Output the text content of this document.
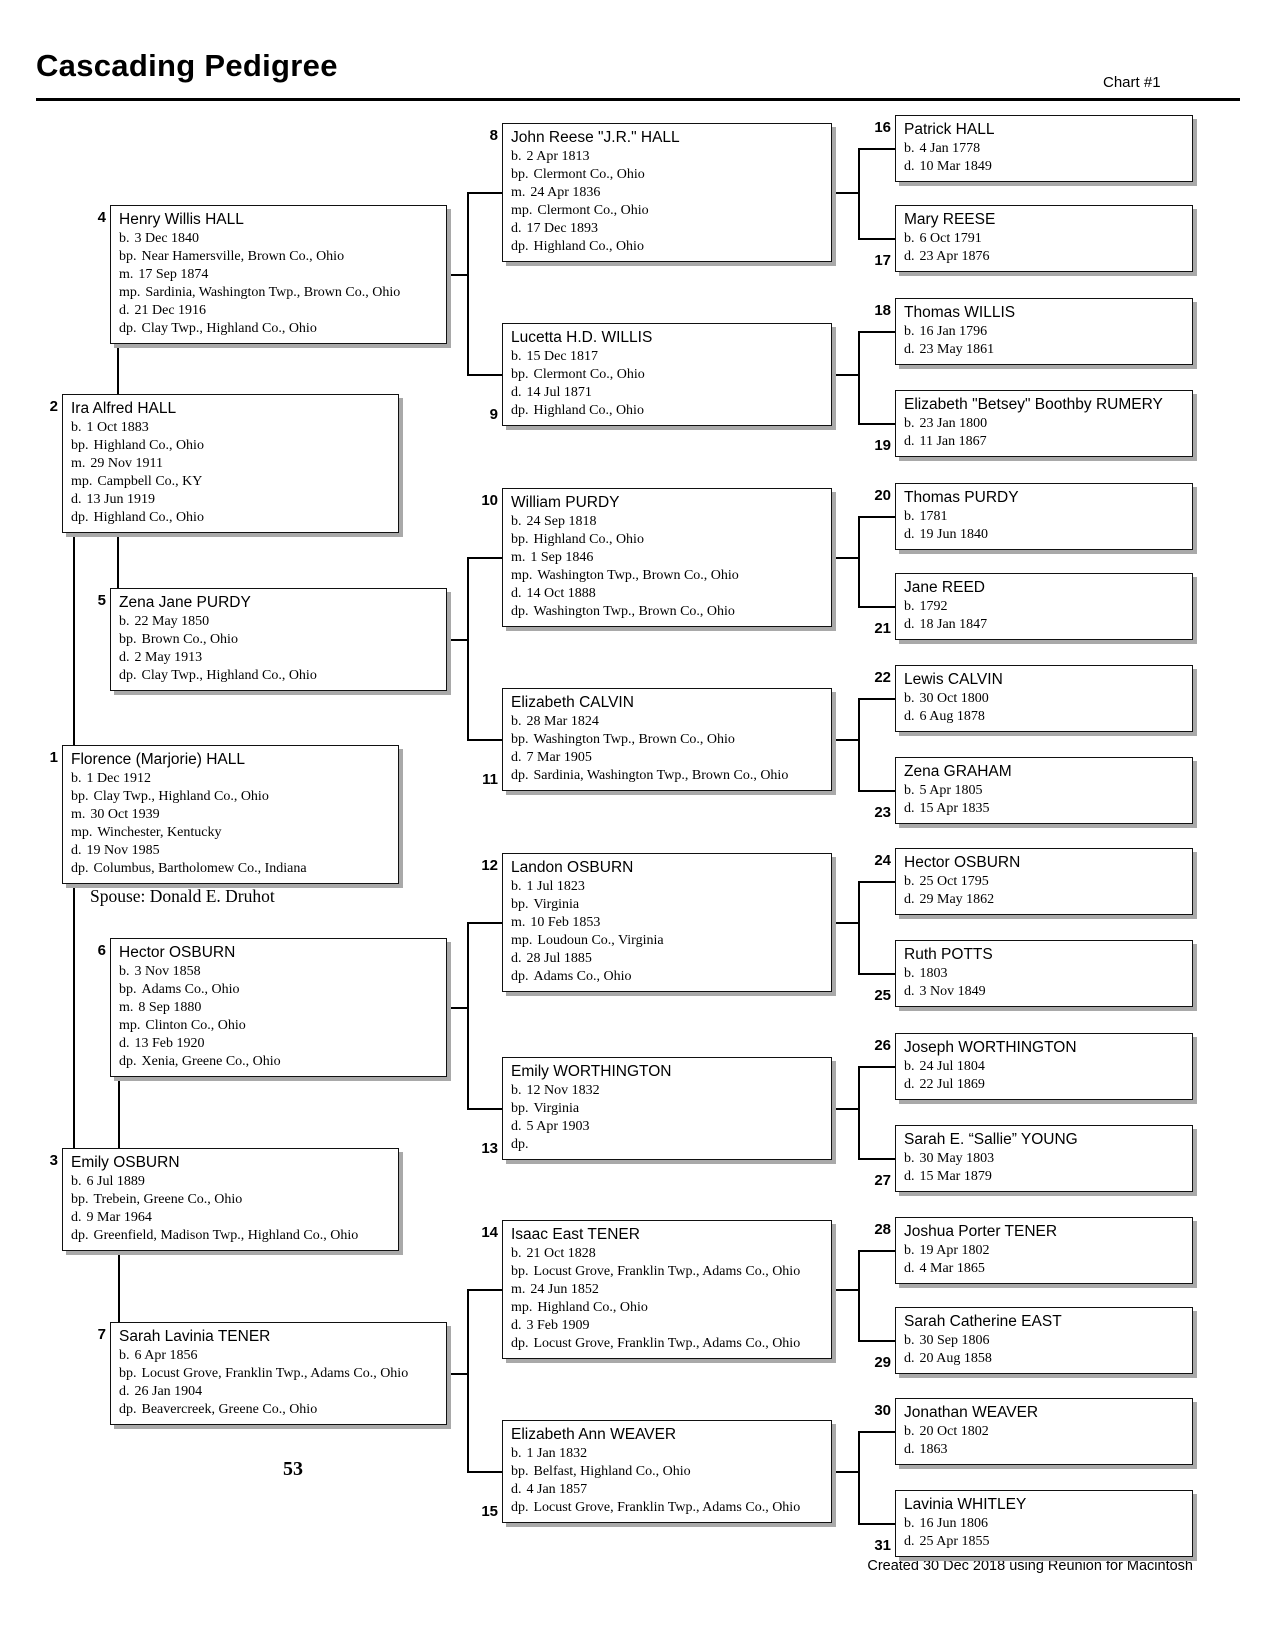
Cascading Pedigree	Chart #1
Florence (Marjorie) HALL
b. 1 Dec 1912
bp. Clay Twp., Highland Co., Ohio
m. 30 Oct 1939
mp. Winchester, Kentucky
d. 19 Nov 1985
dp. Columbus, Bartholomew Co., Indiana
1
Ira Alfred HALL
b. 1 Oct 1883
bp. Highland Co., Ohio
m. 29 Nov 1911
mp. Campbell Co., KY
d. 13 Jun 1919
dp. Highland Co., Ohio
2
Emily OSBURN
b. 6 Jul 1889
bp. Trebein, Greene Co., Ohio
d. 9 Mar 1964
dp. Greenfield, Madison Twp., Highland Co., Ohio
3
Henry Willis HALL
b. 3 Dec 1840
bp. Near Hamersville, Brown Co., Ohio
m. 17 Sep 1874
mp. Sardinia, Washington Twp., Brown Co., Ohio
d. 21 Dec 1916
dp. Clay Twp., Highland Co., Ohio
4
Zena Jane PURDY
b. 22 May 1850
bp. Brown Co., Ohio
d. 2 May 1913
dp. Clay Twp., Highland Co., Ohio
5
Hector OSBURN
b. 3 Nov 1858
bp. Adams Co., Ohio
m. 8 Sep 1880
mp. Clinton Co., Ohio
d. 13 Feb 1920
dp. Xenia, Greene Co., Ohio
6
Sarah Lavinia TENER
b. 6 Apr 1856
bp. Locust Grove, Franklin Twp., Adams Co., Ohio
d. 26 Jan 1904
dp. Beavercreek, Greene Co., Ohio
7
John Reese "J.R." HALL
b. 2 Apr 1813
bp. Clermont Co., Ohio
m. 24 Apr 1836
mp. Clermont Co., Ohio
d. 17 Dec 1893
dp. Highland Co., Ohio
8
Lucetta H.D. WILLIS
b. 15 Dec 1817
bp. Clermont Co., Ohio
d. 14 Jul 1871
dp. Highland Co., Ohio
9
William PURDY
b. 24 Sep 1818
bp. Highland Co., Ohio
m. 1 Sep 1846
mp. Washington Twp., Brown Co., Ohio
d. 14 Oct 1888
dp. Washington Twp., Brown Co., Ohio
10
Elizabeth CALVIN
b. 28 Mar 1824
bp. Washington Twp., Brown Co., Ohio
d. 7 Mar 1905
dp. Sardinia, Washington Twp., Brown Co., Ohio
11
Landon OSBURN
b. 1 Jul 1823
bp. Virginia
m. 10 Feb 1853
mp. Loudoun Co., Virginia
d. 28 Jul 1885
dp. Adams Co., Ohio
12
Emily WORTHINGTON
b. 12 Nov 1832
bp. Virginia
d. 5 Apr 1903
dp.
13
Isaac East TENER
b. 21 Oct 1828
bp. Locust Grove, Franklin Twp., Adams Co., Ohio
m. 24 Jun 1852
mp. Highland Co., Ohio
d. 3 Feb 1909
dp. Locust Grove, Franklin Twp., Adams Co., Ohio
14
Elizabeth Ann WEAVER
b. 1 Jan 1832
bp. Belfast, Highland Co., Ohio
d. 4 Jan 1857
dp. Locust Grove, Franklin Twp., Adams Co., Ohio
15
Patrick HALL
b. 4 Jan 1778
d. 10 Mar 1849
16
Mary REESE
b. 6 Oct 1791
d. 23 Apr 1876
17
Thomas WILLIS
b. 16 Jan 1796
d. 23 May 1861
18
Elizabeth "Betsey" Boothby RUMERY
b. 23 Jan 1800
d. 11 Jan 1867
19
Thomas PURDY
b. 1781
d. 19 Jun 1840
20
Jane REED
b. 1792
d. 18 Jan 1847
21
Lewis CALVIN
b. 30 Oct 1800
d. 6 Aug 1878
22
Zena GRAHAM
b. 5 Apr 1805
d. 15 Apr 1835
23
Hector OSBURN
b. 25 Oct 1795
d. 29 May 1862
24
Ruth POTTS
b. 1803
d. 3 Nov 1849
25
Joseph WORTHINGTON
b. 24 Jul 1804
d. 22 Jul 1869
26
Sarah E. “Sallie” YOUNG
b. 30 May 1803
d. 15 Mar 1879
27
Joshua Porter TENER
b. 19 Apr 1802
d. 4 Mar 1865
28
Sarah Catherine EAST
b. 30 Sep 1806
d. 20 Aug 1858
29
Jonathan WEAVER
b. 20 Oct 1802
d. 1863
30
Lavinia WHITLEY
b. 16 Jun 1806
d. 25 Apr 1855
31
Spouse: Donald E. Druhot
53
Created 30 Dec 2018 using Reunion for Macintosh
